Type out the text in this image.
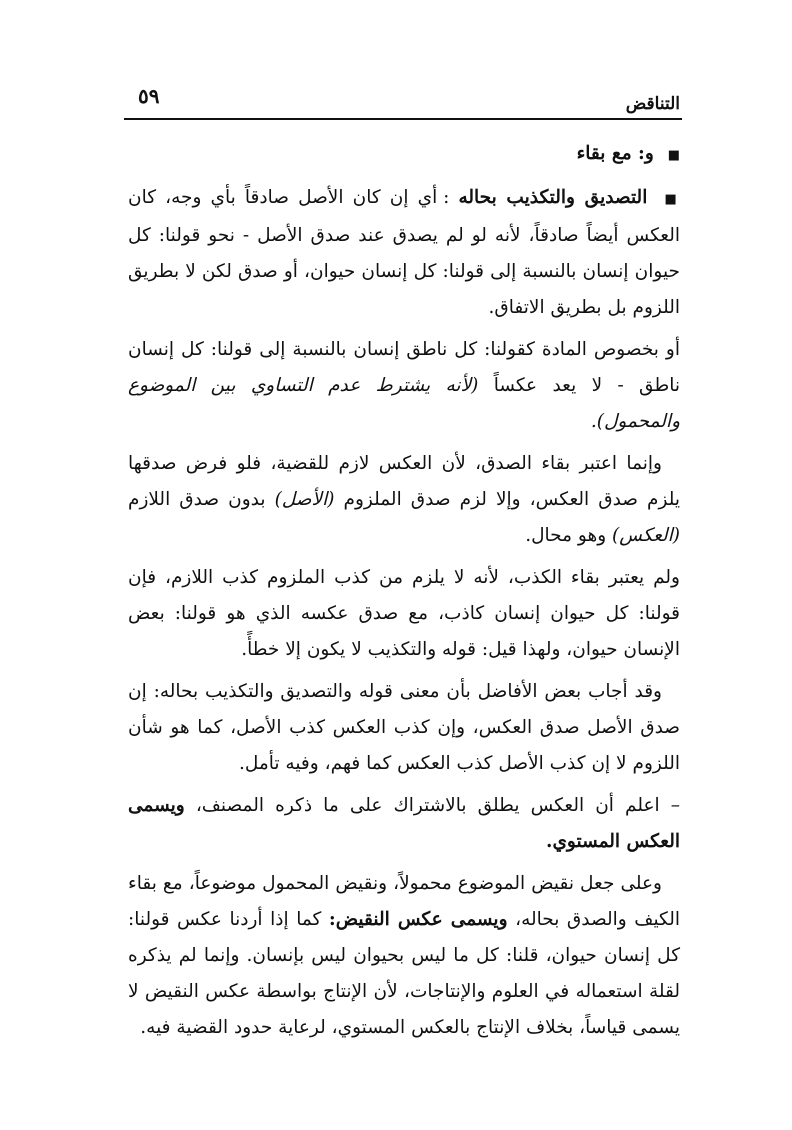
٥٩	التناقض

■ و: مع بقاء

■ التصديق والتكذيب بحاله : أي إن كان الأصل صادقاً بأي وجه، كان العكس أيضاً صادقاً، لأنه لو لم يصدق عند صدق الأصل - نحو قولنا: كل حيوان إنسان بالنسبة إلى قولنا: كل إنسان حيوان، أو صدق لكن لا بطريق اللزوم بل بطريق الاتفاق.

أو بخصوص المادة كقولنا: كل ناطق إنسان بالنسبة إلى قولنا: كل إنسان ناطق - لا يعد عكساً (لأنه يشترط عدم التساوي بين الموضوع والمحمول).

وإنما اعتبر بقاء الصدق، لأن العكس لازم للقضية، فلو فرض صدقها يلزم صدق العكس، وإلا لزم صدق الملزوم (الأصل) بدون صدق اللازم (العكس) وهو محال.

ولم يعتبر بقاء الكذب، لأنه لا يلزم من كذب الملزوم كذب اللازم، فإن قولنا: كل حيوان إنسان كاذب، مع صدق عكسه الذي هو قولنا: بعض الإنسان حيوان، ولهذا قيل: قوله والتكذيب لا يكون إلا خطأً.

وقد أجاب بعض الأفاضل بأن معنى قوله والتصديق والتكذيب بحاله: إن صدق الأصل صدق العكس، وإن كذب العكس كذب الأصل، كما هو شأن اللزوم لا إن كذب الأصل كذب العكس كما فهم، وفيه تأمل.

– اعلم أن العكس يطلق بالاشتراك على ما ذكره المصنف، ويسمى العكس المستوي.

وعلى جعل نقيض الموضوع محمولاً، ونقيض المحمول موضوعاً، مع بقاء الكيف والصدق بحاله، ويسمى عكس النقيض: كما إذا أردنا عكس قولنا: كل إنسان حيوان، قلنا: كل ما ليس بحيوان ليس بإنسان. وإنما لم يذكره لقلة استعماله في العلوم والإنتاجات، لأن الإنتاج بواسطة عكس النقيض لا يسمى قياساً، بخلاف الإنتاج بالعكس المستوي، لرعاية حدود القضية فيه.
